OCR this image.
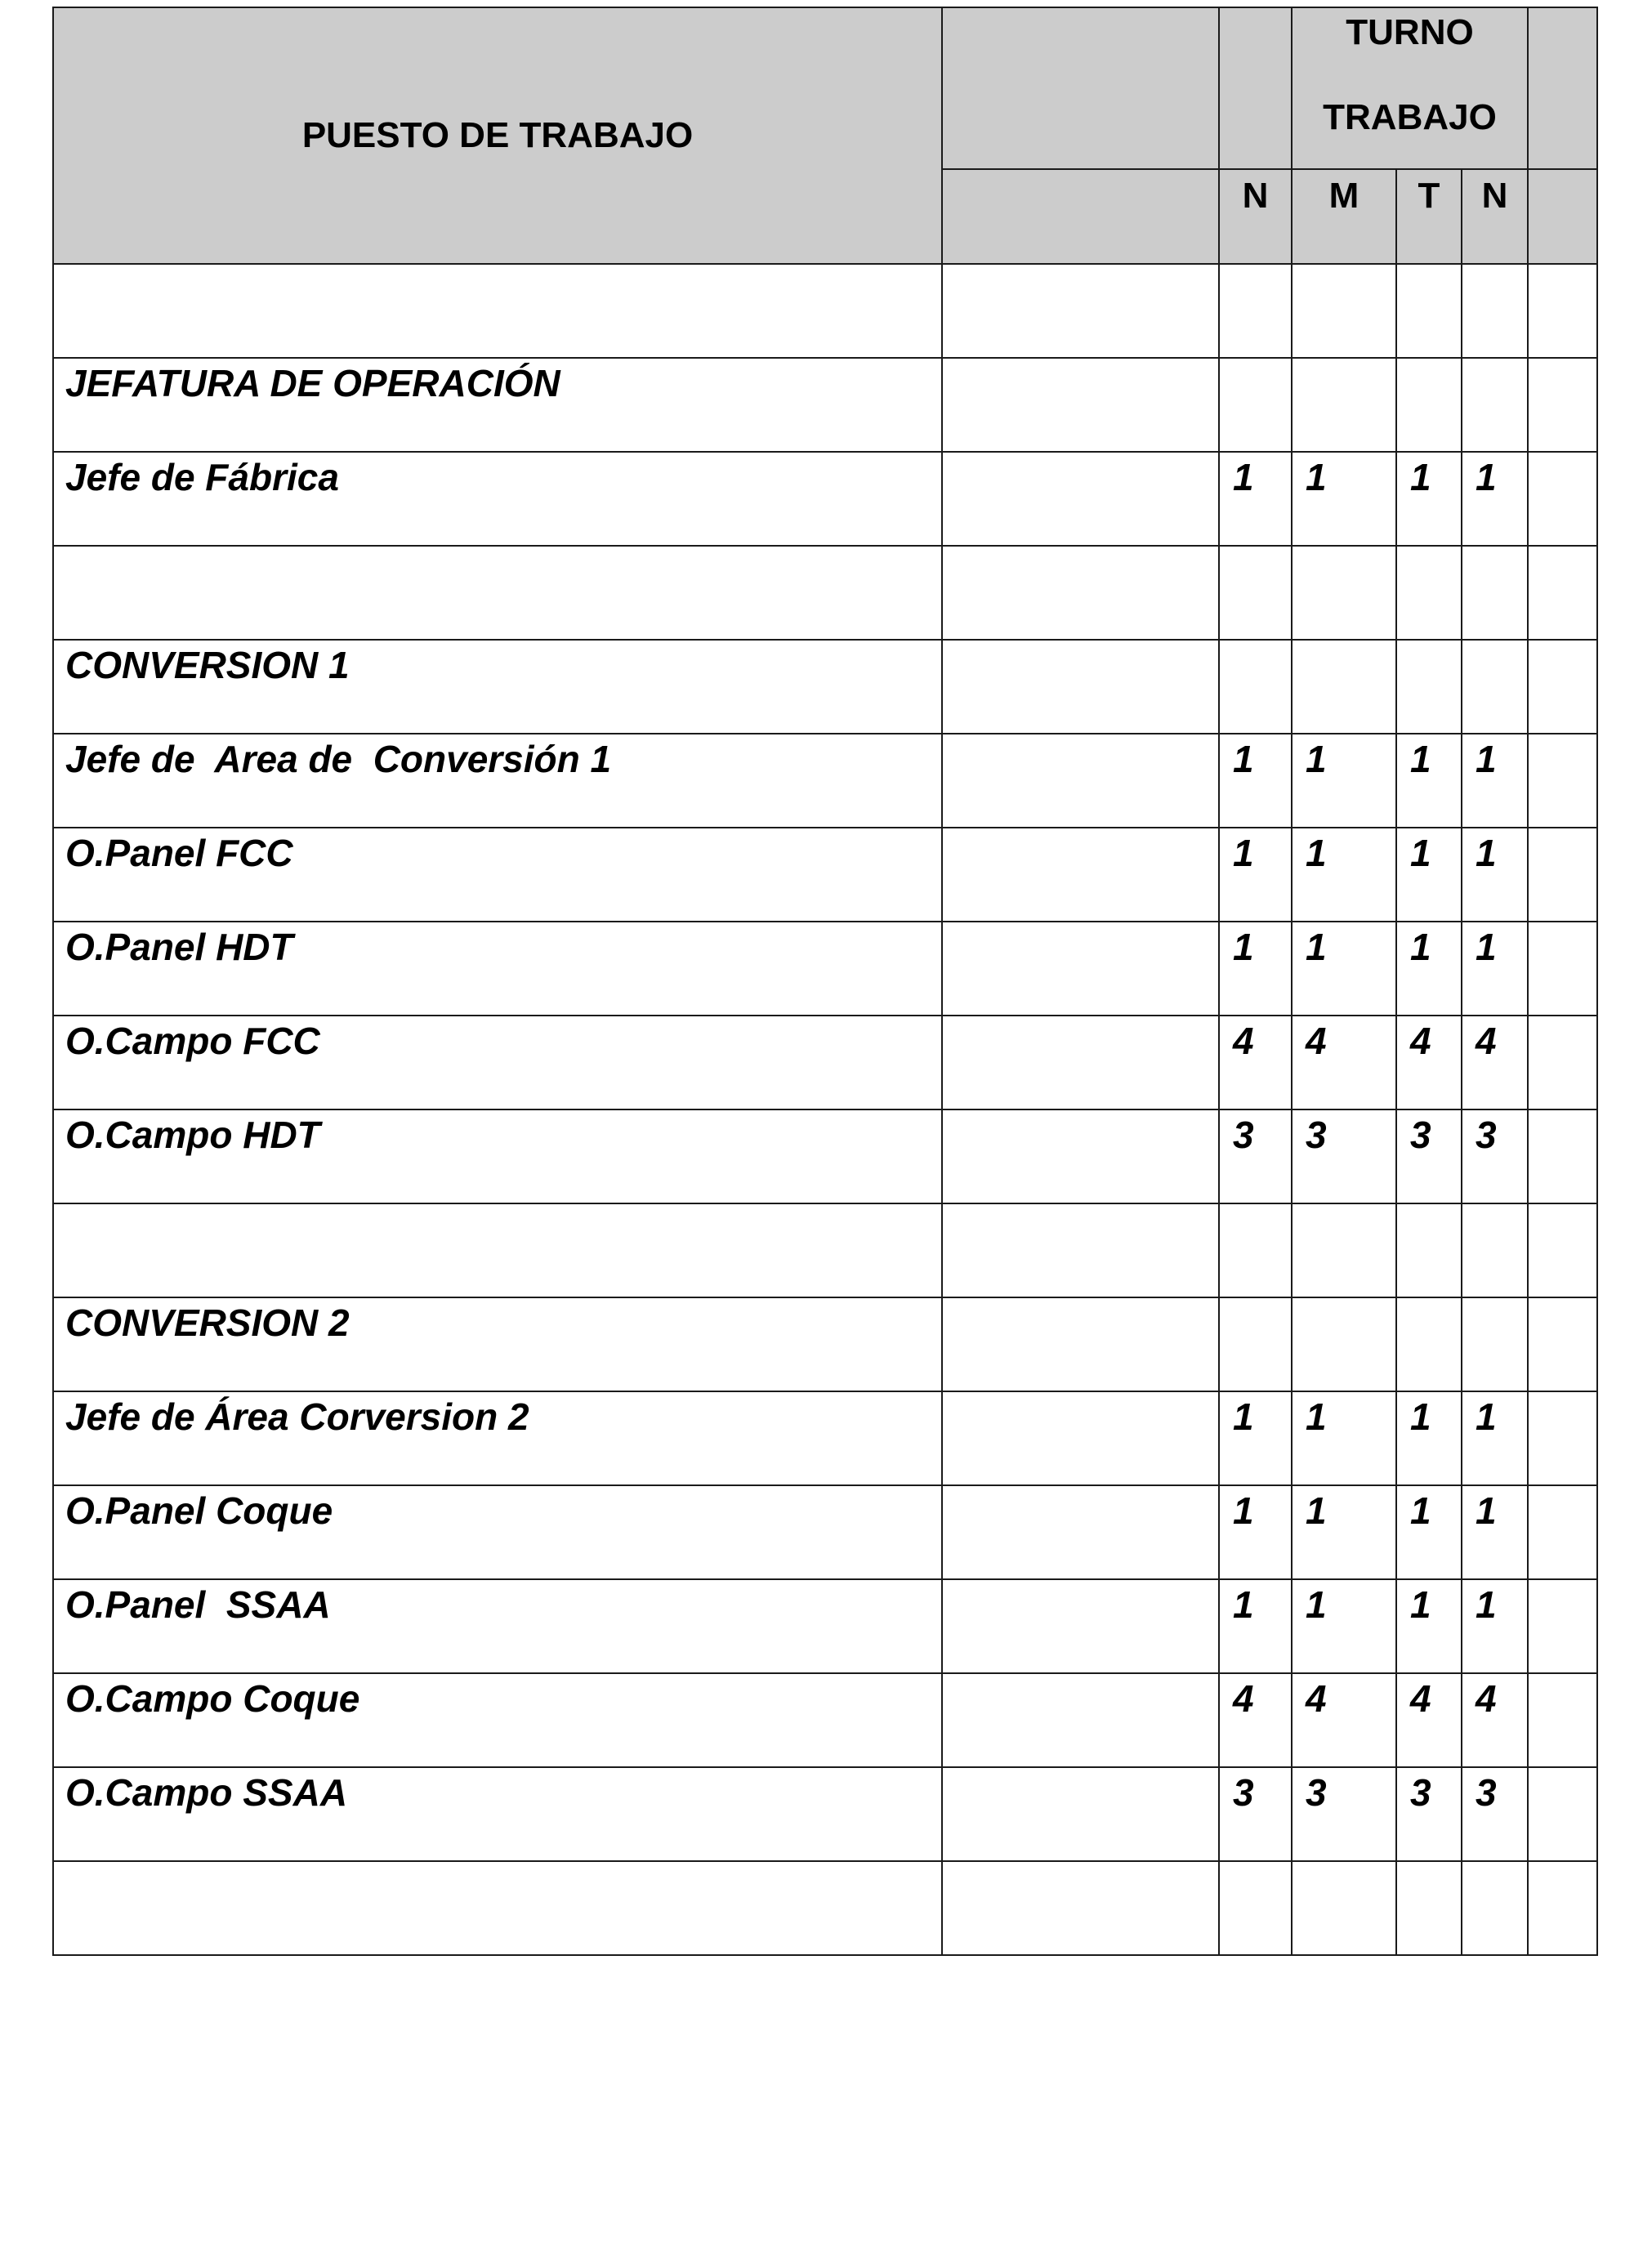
PUESTO DE TRABAJO			TURNO
TRABAJO			

		N	M	T	N	

JEFATURA DE OPERACIÓN						
Jefe de Fábrica		1	1	1	1	

CONVERSION 1						
Jefe de  Area de  Conversión 1		1	1	1	1	
O.Panel FCC		1	1	1	1	
O.Panel HDT		1	1	1	1	
O.Campo FCC		4	4	4	4	
O.Campo HDT		3	3	3	3	

CONVERSION 2						
Jefe de Área Corversion 2		1	1	1	1	
O.Panel Coque		1	1	1	1	
O.Panel  SSAA		1	1	1	1	
O.Campo Coque		4	4	4	4	
O.Campo SSAA		3	3	3	3	
